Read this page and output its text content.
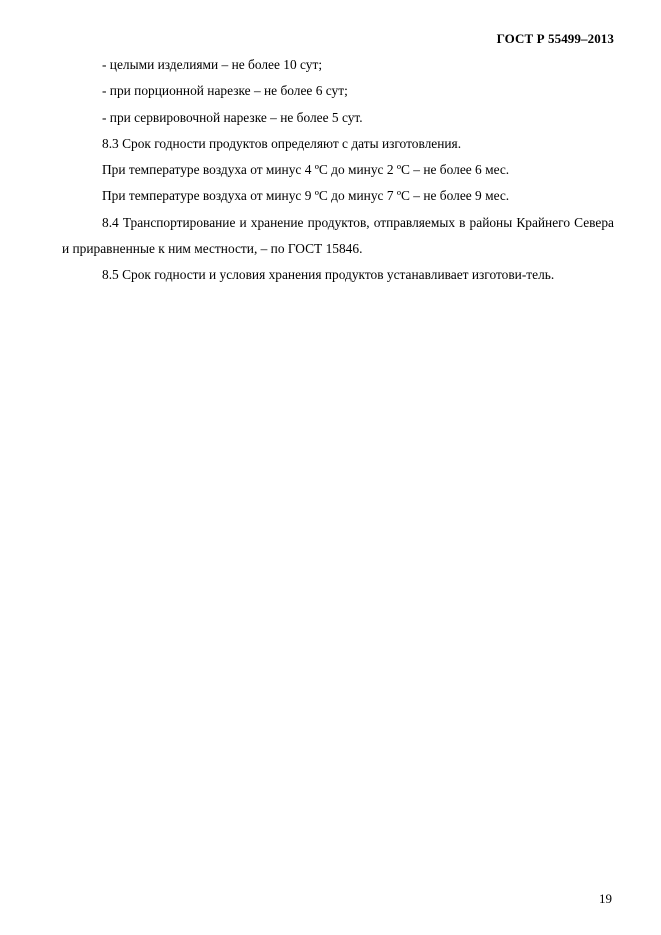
ГОСТ Р 55499–2013

- целыми изделиями – не более 10 сут;

- при порционной нарезке – не более 6 сут;

- при сервировочной нарезке – не более 5 сут.

8.3 Срок годности продуктов определяют с даты изготовления.

При температуре воздуха от минус 4 ºС до минус 2 ºС – не более 6 мес.

При температуре воздуха от минус 9 ºС до минус 7 ºС – не более 9 мес.

8.4 Транспортирование и хранение продуктов, отправляемых в районы Крайнего Севера и приравненные к ним местности, – по ГОСТ 15846.

8.5 Срок годности и условия хранения продуктов устанавливает изготови-тель.

19
